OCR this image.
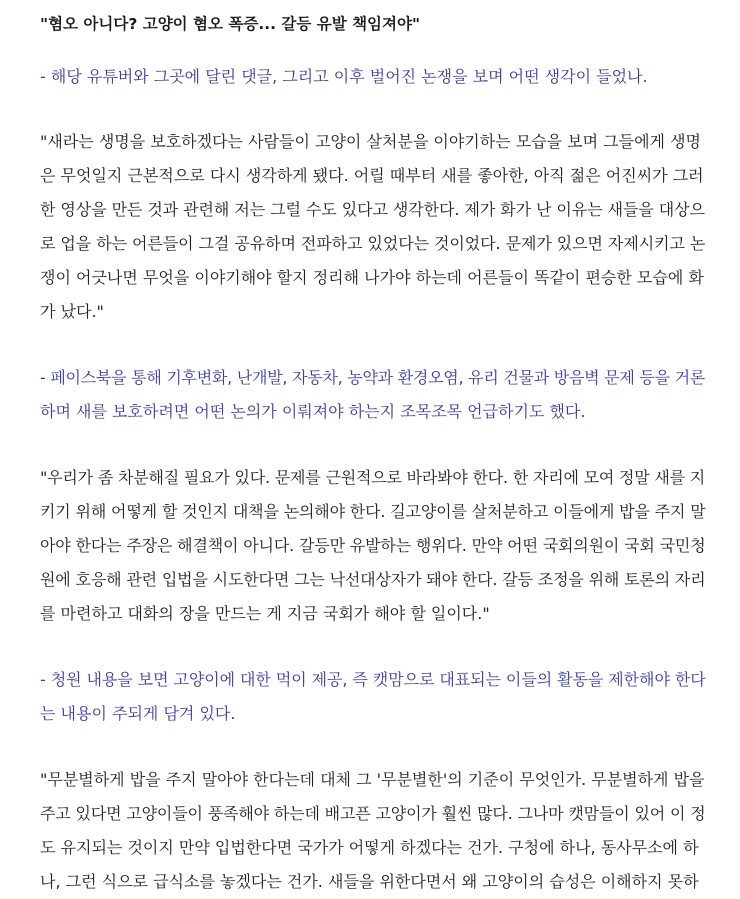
"혐오 아니다? 고양이 혐오 폭증... 갈등 유발 책임져야"
- 해당 유튜버와 그곳에 달린 댓글, 그리고 이후 벌어진 논쟁을 보며 어떤 생각이 들었나.
"새라는 생명을 보호하겠다는 사람들이 고양이 살처분을 이야기하는 모습을 보며 그들에게 생명
은 무엇일지 근본적으로 다시 생각하게 됐다. 어릴 때부터 새를 좋아한, 아직 젊은 어진씨가 그러
한 영상을 만든 것과 관련해 저는 그럴 수도 있다고 생각한다. 제가 화가 난 이유는 새들을 대상으
로 업을 하는 어른들이 그걸 공유하며 전파하고 있었다는 것이었다. 문제가 있으면 자제시키고 논
쟁이 어긋나면 무엇을 이야기해야 할지 정리해 나가야 하는데 어른들이 똑같이 편승한 모습에 화
가 났다."
- 페이스북을 통해 기후변화, 난개발, 자동차, 농약과 환경오염, 유리 건물과 방음벽 문제 등을 거론
하며 새를 보호하려면 어떤 논의가 이뤄져야 하는지 조목조목 언급하기도 했다.
"우리가 좀 차분해질 필요가 있다. 문제를 근원적으로 바라봐야 한다. 한 자리에 모여 정말 새를 지
키기 위해 어떻게 할 것인지 대책을 논의해야 한다. 길고양이를 살처분하고 이들에게 밥을 주지 말
아야 한다는 주장은 해결책이 아니다. 갈등만 유발하는 행위다. 만약 어떤 국회의원이 국회 국민청
원에 호응해 관련 입법을 시도한다면 그는 낙선대상자가 돼야 한다. 갈등 조정을 위해 토론의 자리
를 마련하고 대화의 장을 만드는 게 지금 국회가 해야 할 일이다."
- 청원 내용을 보면 고양이에 대한 먹이 제공, 즉 캣맘으로 대표되는 이들의 활동을 제한해야 한다
는 내용이 주되게 담겨 있다.
"무분별하게 밥을 주지 말아야 한다는데 대체 그 '무분별한'의 기준이 무엇인가. 무분별하게 밥을
주고 있다면 고양이들이 풍족해야 하는데 배고픈 고양이가 훨씬 많다. 그나마 캣맘들이 있어 이 정
도 유지되는 것이지 만약 입법한다면 국가가 어떻게 하겠다는 건가. 구청에 하나, 동사무소에 하
나, 그런 식으로 급식소를 놓겠다는 건가. 새들을 위한다면서 왜 고양이의 습성은 이해하지 못하
